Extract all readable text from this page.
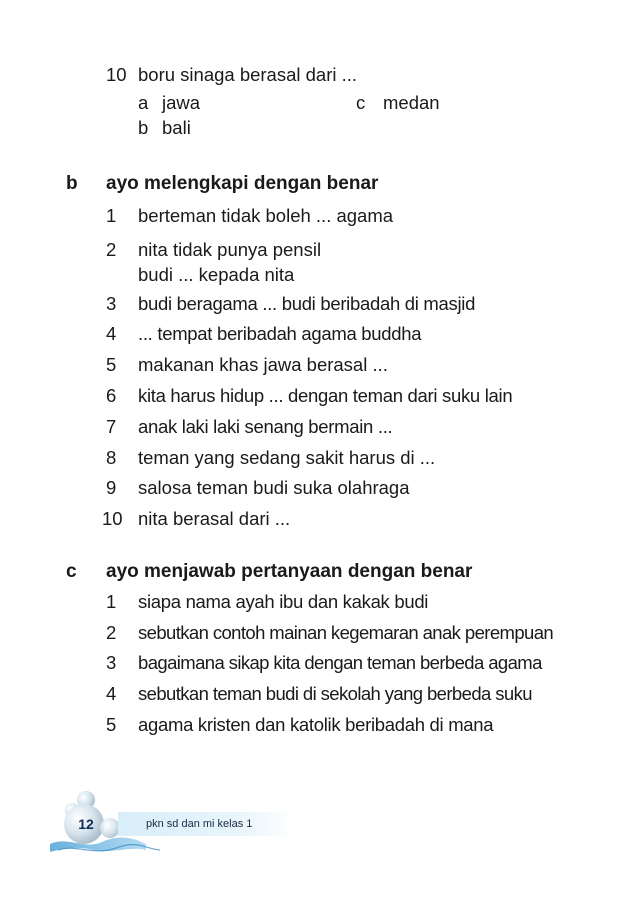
10 boru sinaga berasal dari ...
a jawa	c medan
b bali
b ayo melengkapi dengan benar
1 berteman tidak boleh ... agama
2 nita tidak punya pensil
budi ... kepada nita
3 budi beragama ... budi beribadah di masjid
4 ... tempat beribadah agama buddha
5 makanan khas jawa berasal ...
6 kita harus hidup ... dengan teman dari suku lain
7 anak laki laki senang bermain ...
8 teman yang sedang sakit harus di ...
9 salosa teman budi suka olahraga
10 nita berasal dari ...
c ayo menjawab pertanyaan dengan benar
1 siapa nama ayah ibu dan kakak budi
2 sebutkan contoh mainan kegemaran anak perempuan
3 bagaimana sikap kita dengan teman berbeda agama
4 sebutkan teman budi di sekolah yang berbeda suku
5 agama kristen dan katolik beribadah di mana
12	pkn sd dan mi kelas 1
